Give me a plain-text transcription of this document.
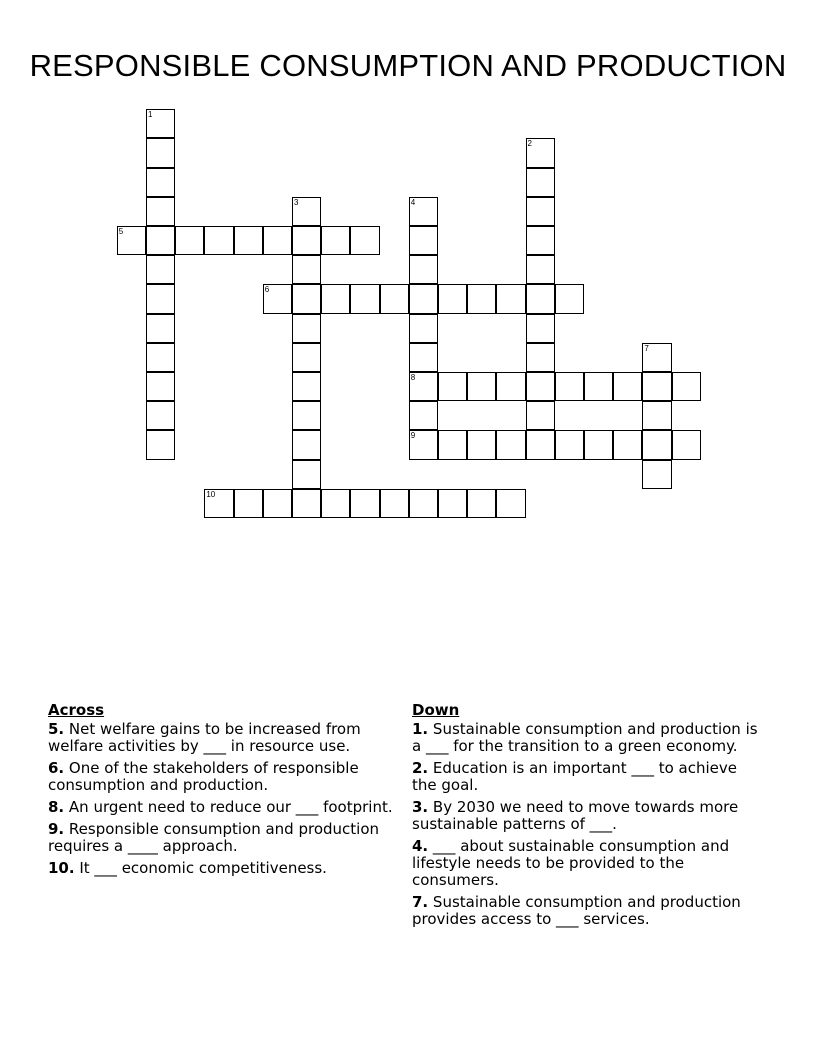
RESPONSIBLE CONSUMPTION AND PRODUCTION
1
2
3	4
8
9
5
6
7
10
Across
5. Net welfare gains to be increased from welfare activities by ___ in resource use.
6. One of the stakeholders of responsible consumption and production.
8. An urgent need to reduce our ___ footprint.
9. Responsible consumption and production requires a ____ approach.
10. It ___ economic competitiveness.
Down
1. Sustainable consumption and production is a ___ for the transition to a green economy.
2. Education is an important ___ to achieve the goal.
3. By 2030 we need to move towards more sustainable patterns of ___.
4. ___ about sustainable consumption and lifestyle needs to be provided to the consumers.
7. Sustainable consumption and production provides access to ___ services.
